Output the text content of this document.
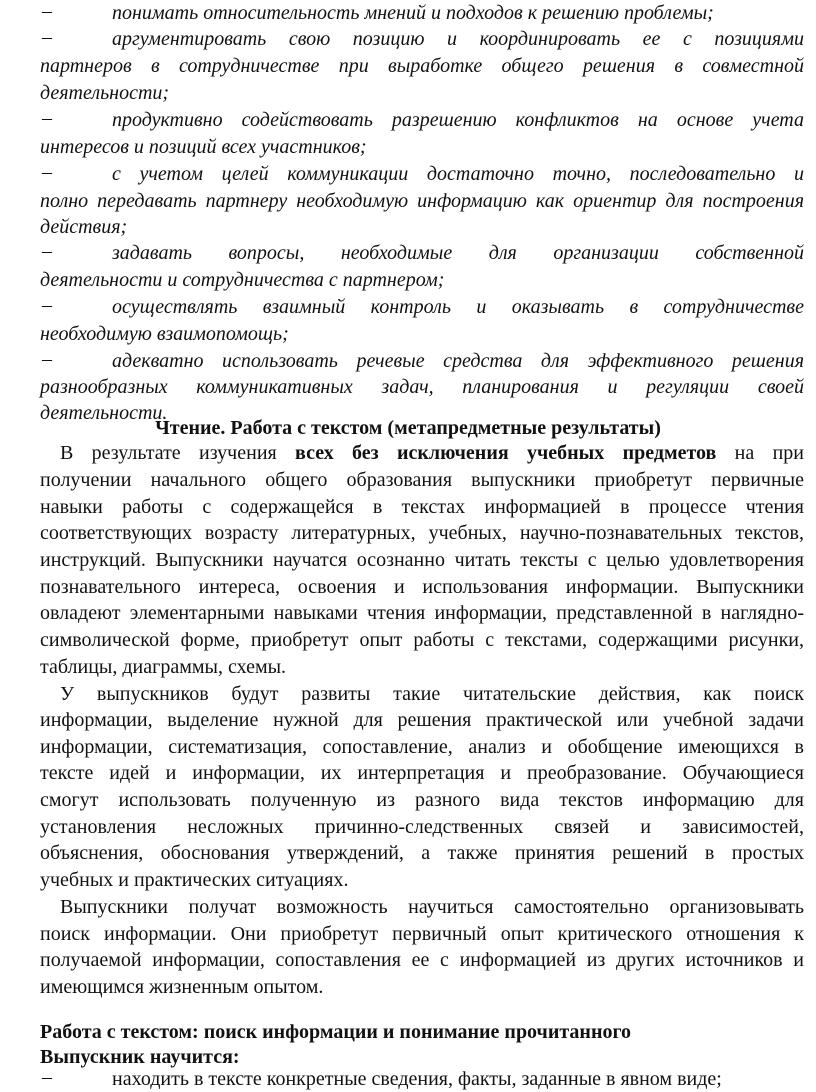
–	понимать относительность мнений и подходов к решению проблемы;
–	аргументировать свою позицию и координировать ее с позициями
партнеров в сотрудничестве при выработке общего решения в совместной
деятельности;
–	продуктивно содействовать разрешению конфликтов на основе учета
интересов и позиций всех участников;
–	с учетом целей коммуникации достаточно точно, последовательно и
полно передавать партнеру необходимую информацию как ориентир для построения
действия;
–	задавать вопросы, необходимые для организации собственной
деятельности и сотрудничества с партнером;
–	осуществлять взаимный контроль и оказывать в сотрудничестве
необходимую взаимопомощь;
–	адекватно использовать речевые средства для эффективного решения
разнообразных коммуникативных задач, планирования и регуляции своей
деятельности.
Чтение. Работа с текстом (метапредметные результаты)
В результате изучения всех без исключения учебных предметов на при
получении начального общего образования выпускники приобретут первичные
навыки работы с содержащейся в текстах информацией в процессе чтения
соответствующих возрасту литературных, учебных, научно-познавательных текстов,
инструкций. Выпускники научатся осознанно читать тексты с целью удовлетворения
познавательного интереса, освоения и использования информации. Выпускники
овладеют элементарными навыками чтения информации, представленной в наглядно-
символической форме, приобретут опыт работы с текстами, содержащими рисунки,
таблицы, диаграммы, схемы.
У выпускников будут развиты такие читательские действия, как поиск
информации, выделение нужной для решения практической или учебной задачи
информации, систематизация, сопоставление, анализ и обобщение имеющихся в
тексте идей и информации, их интерпретация и преобразование. Обучающиеся
смогут использовать полученную из разного вида текстов информацию для
установления несложных причинно-следственных связей и зависимостей,
объяснения, обоснования утверждений, а также принятия решений в простых
учебных и практических ситуациях.
Выпускники получат возможность научиться самостоятельно организовывать
поиск информации. Они приобретут первичный опыт критического отношения к
получаемой информации, сопоставления ее с информацией из других источников и
имеющимся жизненным опытом.
Работа с текстом: поиск информации и понимание прочитанного
Выпускник научится:
–	находить в тексте конкретные сведения, факты, заданные в явном виде;
